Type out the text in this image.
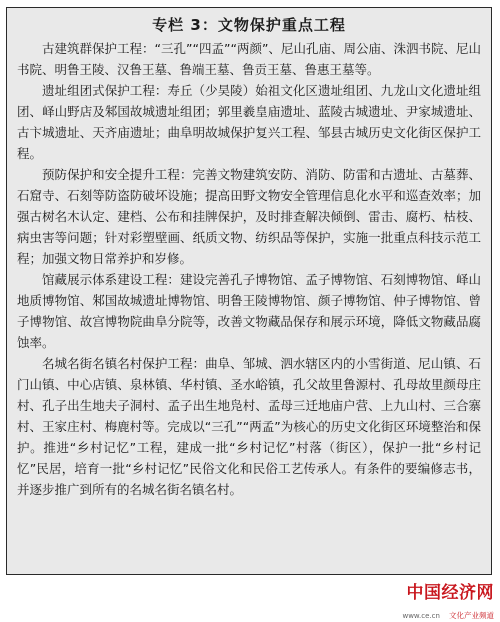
专栏 3：文物保护重点工程

古建筑群保护工程：“三孔”“四孟”“两颜”、尼山孔庙、周公庙、洙泗书院、尼山书院、明鲁王陵、汉鲁王墓、鲁端王墓、鲁贡王墓、鲁惠王墓等。

遗址组团式保护工程：寿丘（少昊陵）始祖文化区遗址组团、九龙山文化遗址组团、峄山野店及邾国故城遗址组团；郭里羲皇庙遗址、蓝陵古城遗址、尹家城遗址、古卞城遗址、天齐庙遗址；曲阜明故城保护复兴工程、邹县古城历史文化街区保护工程。

预防保护和安全提升工程：完善文物建筑安防、消防、防雷和古遗址、古墓葬、石窟寺、石刻等防盗防破坏设施；提高田野文物安全管理信息化水平和巡查效率；加强古树名木认定、建档、公布和挂牌保护，及时排查解决倾倒、雷击、腐朽、枯枝、病虫害等问题；针对彩塑壁画、纸质文物、纺织品等保护，实施一批重点科技示范工程；加强文物日常养护和岁修。

馆藏展示体系建设工程：建设完善孔子博物馆、孟子博物馆、石刻博物馆、峄山地质博物馆、邾国故城遗址博物馆、明鲁王陵博物馆、颜子博物馆、仲子博物馆、曾子博物馆、故宫博物院曲阜分院等，改善文物藏品保存和展示环境，降低文物藏品腐蚀率。

名城名街名镇名村保护工程：曲阜、邹城、泗水辖区内的小雪街道、尼山镇、石门山镇、中心店镇、泉林镇、华村镇、圣水峪镇，孔父故里鲁源村、孔母故里颜母庄村、孔子出生地夫子洞村、孟子出生地凫村、孟母三迁地庙户营、上九山村、三合寨村、王家庄村、梅鹿村等。完成以“三孔”“两孟”为核心的历史文化街区环境整治和保护。推进“乡村记忆”工程，建成一批“乡村记忆”村落（街区），保护一批“乡村记忆”民居，培育一批“乡村记忆”民俗文化和民俗工艺传承人。有条件的要编修志书，并逐步推广到所有的名城名街名镇名村。

中国经济网
www.ce.cn 文化产业频道
